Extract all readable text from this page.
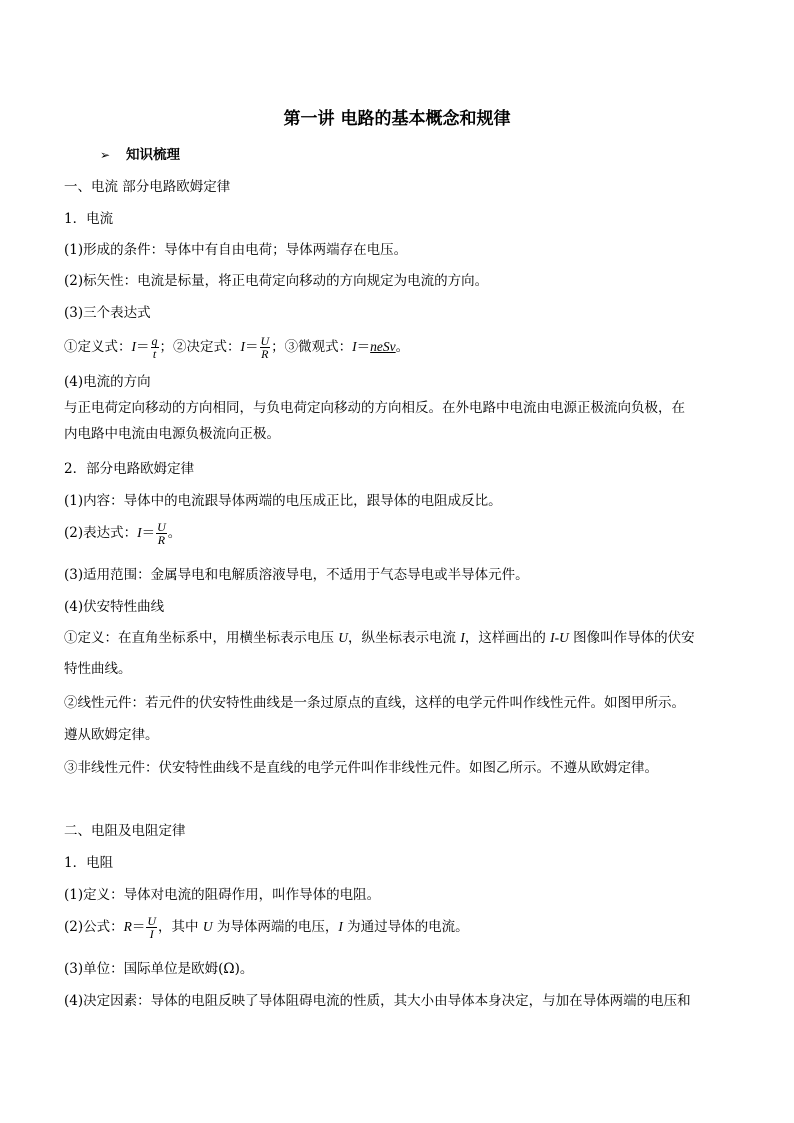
第一讲 电路的基本概念和规律
➢ 知识梳理
一、电流 部分电路欧姆定律
1．电流
(1)形成的条件：导体中有自由电荷；导体两端存在电压。
(2)标矢性：电流是标量，将正电荷定向移动的方向规定为电流的方向。
(3)三个表达式
①定义式：$I= \frac{q}{t}$ ；②决定式：$I= \frac{U}{R}$ ；③微观式：I＝neSv。
(4)电流的方向
与正电荷定向移动的方向相同，与负电荷定向移动的方向相反。在外电路中电流由电源正极流向负极，在
内电路中电流由电源负极流向正极。
2．部分电路欧姆定律
(1)内容：导体中的电流跟导体两端的电压成正比，跟导体的电阻成反比。
(2)表达式：$I= \frac{U}{R}$ 。
(3)适用范围：金属导电和电解质溶液导电，不适用于气态导电或半导体元件。
(4)伏安特性曲线
①定义：在直角坐标系中，用横坐标表示电压 U，纵坐标表示电流 I，这样画出的 I-U 图像叫作导体的伏安
特性曲线。
②线性元件：若元件的伏安特性曲线是一条过原点的直线，这样的电学元件叫作线性元件。如图甲所示。
遵从欧姆定律。
③非线性元件：伏安特性曲线不是直线的电学元件叫作非线性元件。如图乙所示。不遵从欧姆定律。
二、电阻及电阻定律
1．电阻
(1)定义：导体对电流的阻碍作用，叫作导体的电阻。
(2)公式：$R= \frac{U}{I}$ ，其中 U 为导体两端的电压，I 为通过导体的电流。
(3)单位：国际单位是欧姆(Ω)。
(4)决定因素：导体的电阻反映了导体阻碍电流的性质，其大小由导体本身决定，与加在导体两端的电压和
